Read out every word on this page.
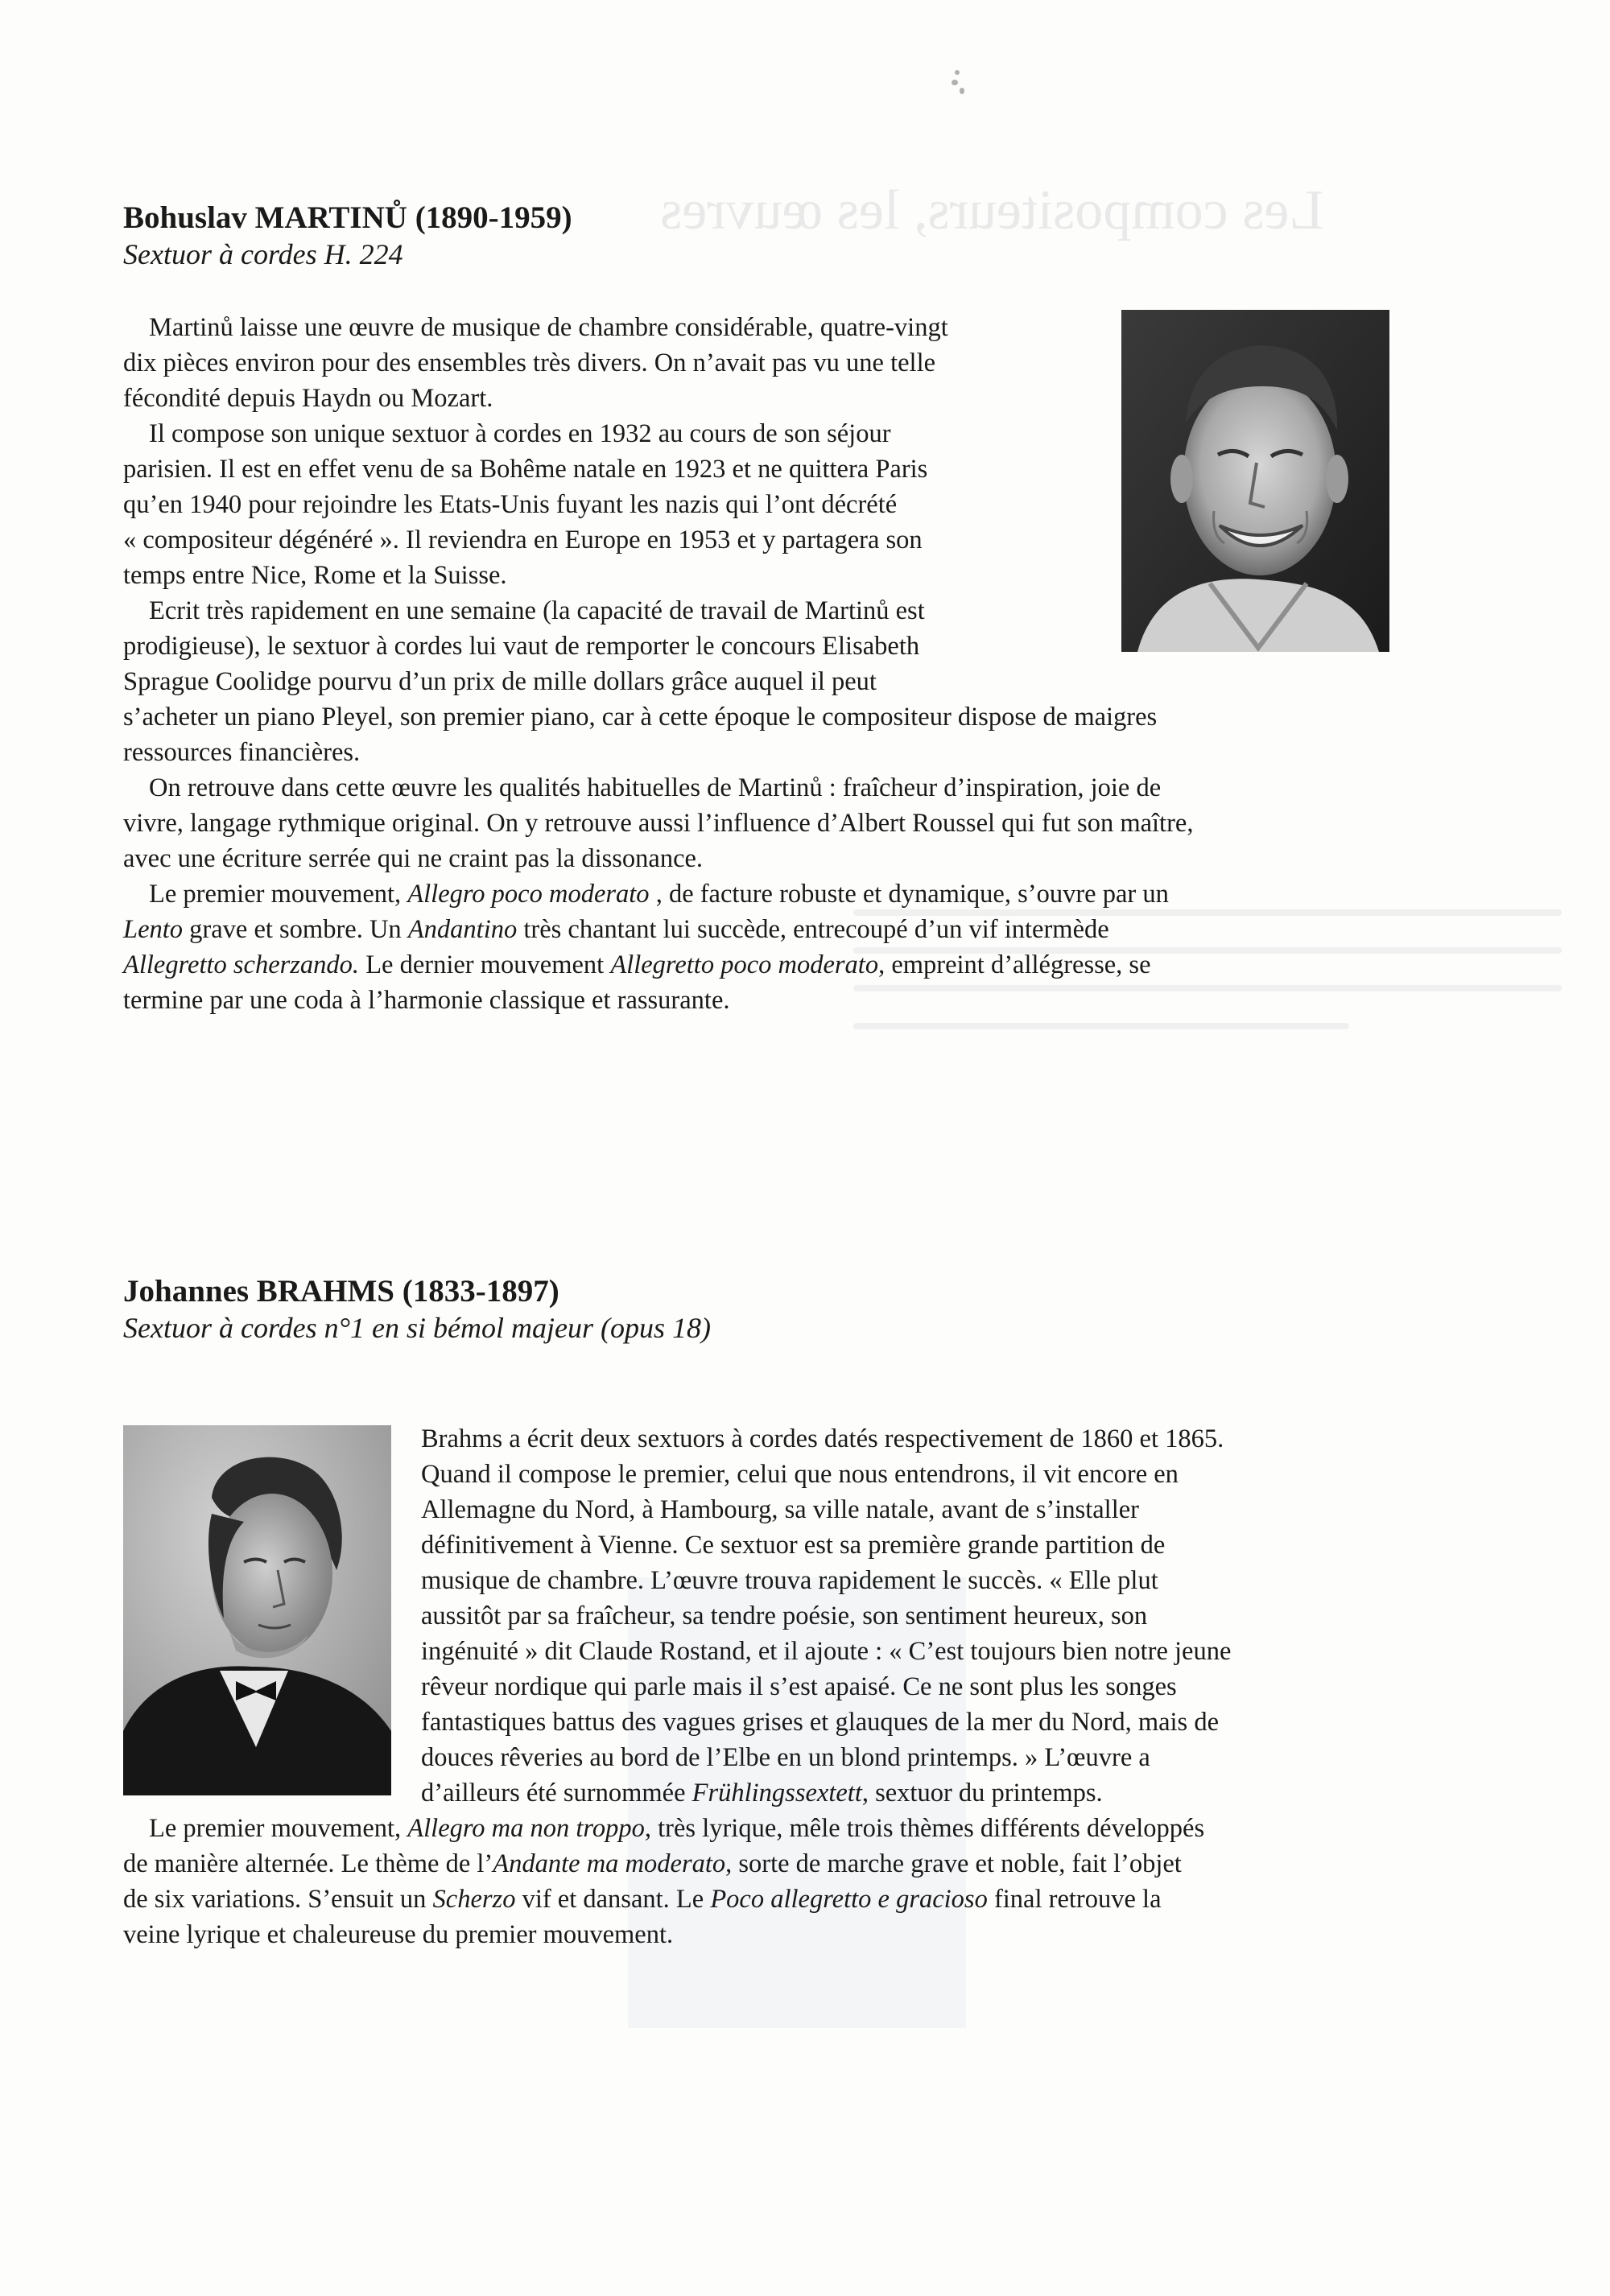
Les compositeurs, les œuvres
Bohuslav MARTINŮ (1890-1959)
Sextuor à cordes H. 224

Martinů laisse une œuvre de musique de chambre considérable, quatre-vingt
dix pièces environ pour des ensembles très divers. On n’avait pas vu une telle
fécondité depuis Haydn ou Mozart.

Il compose son unique sextuor à cordes en 1932 au cours de son séjour
parisien. Il est en effet venu de sa Bohême natale en 1923 et ne quittera Paris
qu’en 1940 pour rejoindre les Etats-Unis fuyant les nazis qui l’ont décrété
« compositeur dégénéré ». Il reviendra en Europe en 1953 et y partagera son
temps entre Nice, Rome et la Suisse.

Ecrit très rapidement en une semaine (la capacité de travail de Martinů est
prodigieuse), le sextuor à cordes lui vaut de remporter le concours Elisabeth
Sprague Coolidge pourvu d’un prix de mille dollars grâce auquel il peut
s’acheter un piano Pleyel, son premier piano, car à cette époque le compositeur dispose de maigres
ressources financières.

On retrouve dans cette œuvre les qualités habituelles de Martinů : fraîcheur d’inspiration, joie de
vivre, langage rythmique original. On y retrouve aussi l’influence d’Albert Roussel qui fut son maître,
avec une écriture serrée qui ne craint pas la dissonance.

Le premier mouvement, Allegro poco moderato , de facture robuste et dynamique, s’ouvre par un
Lento grave et sombre. Un Andantino très chantant lui succède, entrecoupé d’un vif intermède
Allegretto scherzando. Le dernier mouvement Allegretto poco moderato, empreint d’allégresse, se
termine par une coda à l’harmonie classique et rassurante.

Johannes BRAHMS (1833-1897)
Sextuor à cordes n°1 en si bémol majeur (opus 18)

Brahms a écrit deux sextuors à cordes datés respectivement de 1860 et 1865.
Quand il compose le premier, celui que nous entendrons, il vit encore en
Allemagne du Nord, à Hambourg, sa ville natale, avant de s’installer
définitivement à Vienne. Ce sextuor est sa première grande partition de
musique de chambre. L’œuvre trouva rapidement le succès. « Elle plut
aussitôt par sa fraîcheur, sa tendre poésie, son sentiment heureux, son
ingénuité » dit Claude Rostand, et il ajoute : « C’est toujours bien notre jeune
rêveur nordique qui parle mais il s’est apaisé. Ce ne sont plus les songes
fantastiques battus des vagues grises et glauques de la mer du Nord, mais de
douces rêveries au bord de l’Elbe en un blond printemps. » L’œuvre a
d’ailleurs été surnommée Frühlingssextett, sextuor du printemps.

Le premier mouvement, Allegro ma non troppo, très lyrique, mêle trois thèmes différents développés
de manière alternée. Le thème de l’Andante ma moderato, sorte de marche grave et noble, fait l’objet
de six variations. S’ensuit un Scherzo vif et dansant. Le Poco allegretto e gracioso final retrouve la
veine lyrique et chaleureuse du premier mouvement.
